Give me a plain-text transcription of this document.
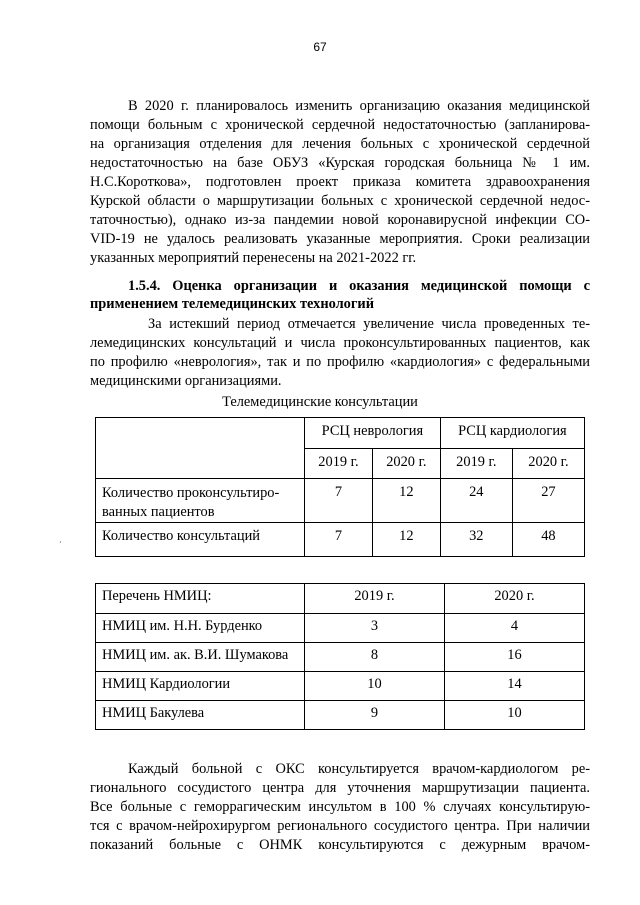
67
В 2020 г. планировалось изменить организацию оказания медицинской
помощи больным с хронической сердечной недостаточностью (запланирова-
на организация отделения для лечения больных с хронической сердечной
недостаточностью на базе ОБУЗ «Курская городская больница № 1 им.
Н.С.Короткова», подготовлен проект приказа комитета здравоохранения
Курской области о маршрутизации больных с хронической сердечной недос-
таточностью), однако из-за пандемии новой коронавирусной инфекции СО-
VID-19 не удалось реализовать указанные мероприятия. Сроки реализации
указанных мероприятий перенесены на 2021-2022 гг.
1.5.4. Оценка организации и оказания медицинской помощи с
применением телемедицинских технологий
За истекший период отмечается увеличение числа проведенных те-
лемедицинских консультаций и числа проконсультированных пациентов, как
по профилю «неврология», так и по профилю «кардиология» с федеральными
медицинскими организациями.
Телемедицинские консультации
	РСЦ неврология		РСЦ кардиология	
	2019 г.	2020 г.	2019 г.	2020 г.
Количество проконсультиро-
ванных пациентов	7	12	24	27
Количество консультаций	7	12	32	48
·
Перечень НМИЦ:	2019 г.	2020 г.
НМИЦ им. Н.Н. Бурденко	3	4
НМИЦ им. ак. В.И. Шумакова	8	16
НМИЦ Кардиологии	10	14
НМИЦ Бакулева	9	10
Каждый больной с ОКС консультируется врачом-кардиологом ре-
гионального сосудистого центра для уточнения маршрутизации пациента.
Все больные с геморрагическим инсультом в 100 % случаях консультирую-
тся с врачом-нейрохирургом регионального сосудистого центра. При наличии
показаний больные с ОНМК консультируются с дежурным врачом-
